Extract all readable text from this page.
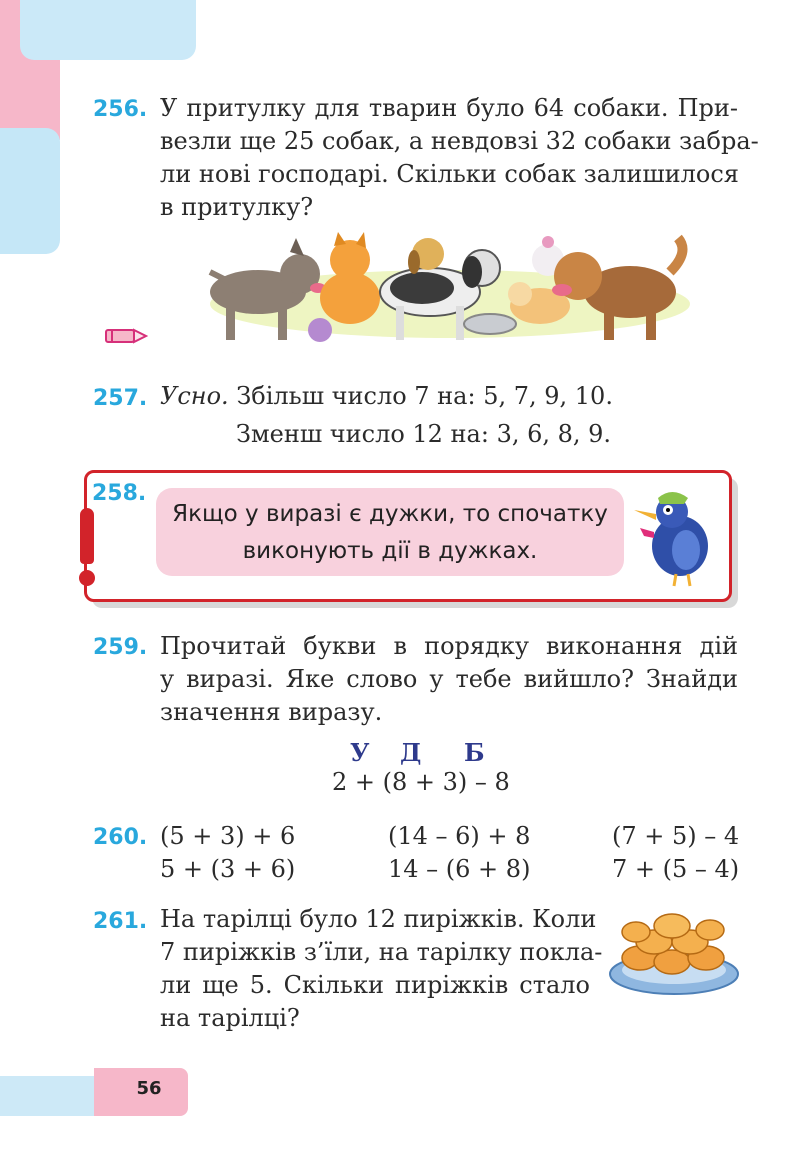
256. У притулку для тварин було 64 собаки. При-
везли ще 25 собак, а невдовзі 32 собаки забра-
ли нові господарі. Скільки собак залишилося
в притулку?
257. Усно. Збільш число 7 на: 5, 7, 9, 10.
Зменш число 12 на: 3, 6, 8, 9.
258.
Якщо у виразі є дужки, то спочатку
виконують дії в дужках.
259. Прочитай букви в порядку виконання дій
у виразі. Яке слово у тебе вийшло? Знайди
значення виразу.
У Д Б
2 + (8 + 3) – 8
260. (5 + 3) + 6	(14 – 6) + 8	(7 + 5) – 4
5 + (3 + 6)	14 – (6 + 8)	7 + (5 – 4)
261. На тарілці було 12 пиріжків. Коли
7 пиріжків з’їли, на тарілку покла-
ли ще 5. Скільки пиріжків стало
на тарілці?
56
